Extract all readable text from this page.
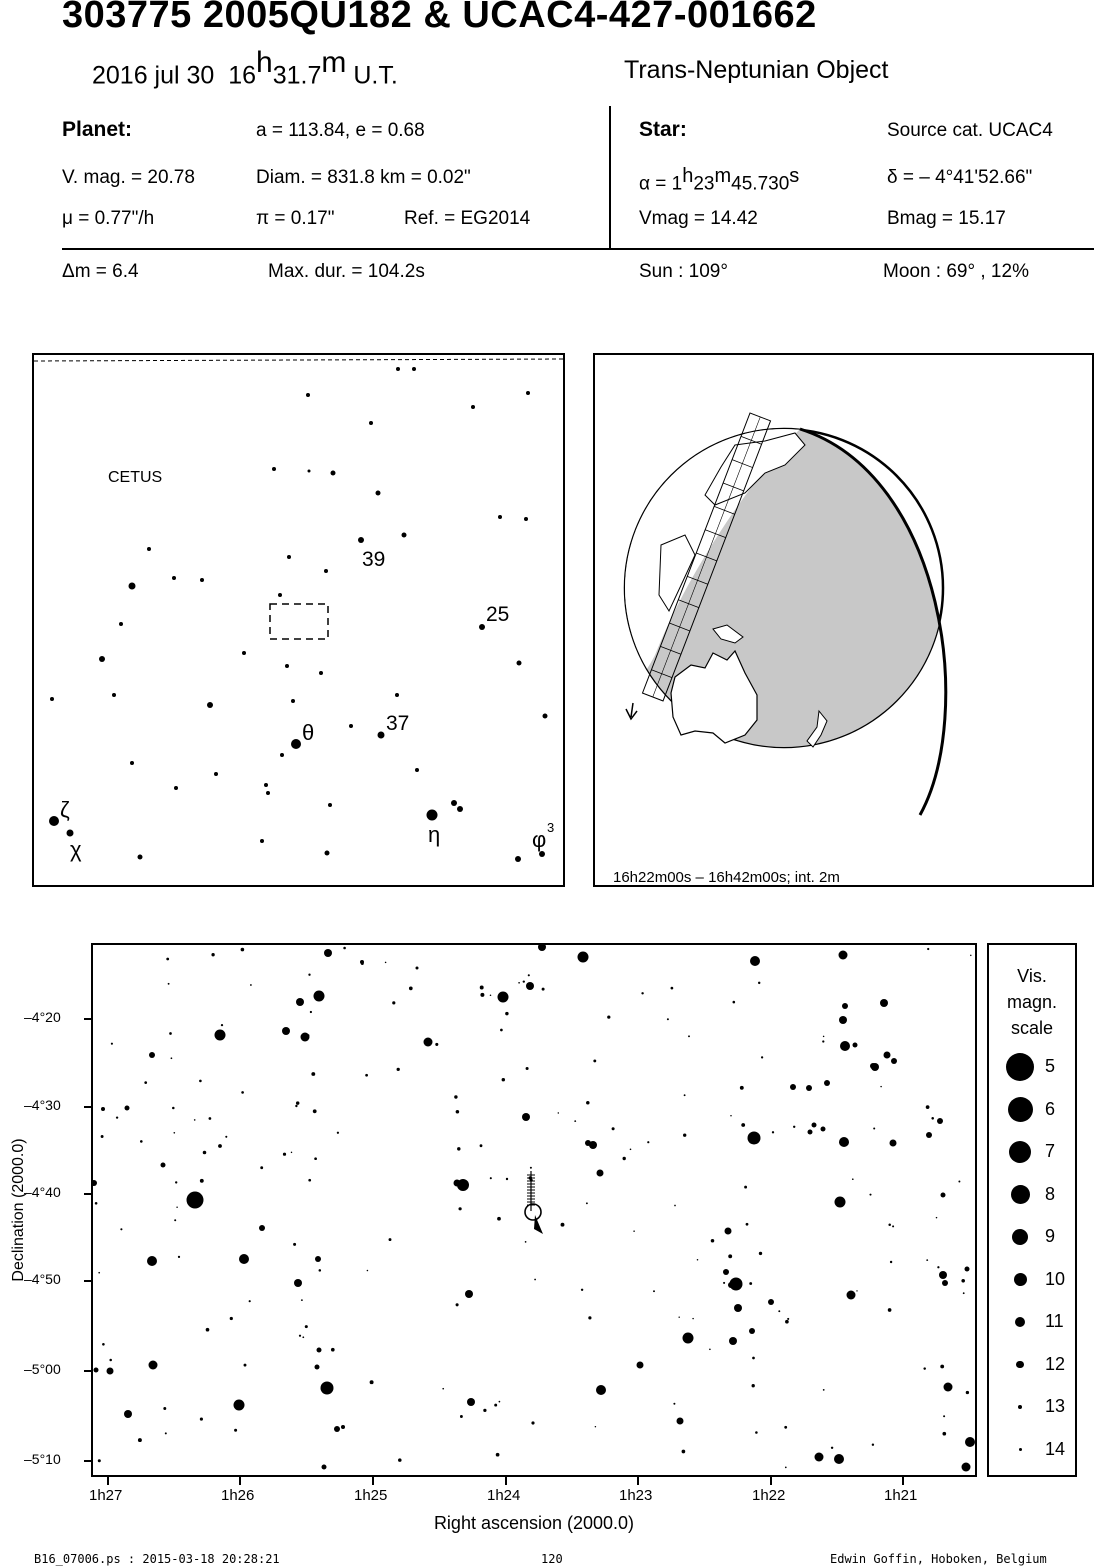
303775 2005QU182 & UCAC4-427-001662
2016 jul 30 16$^h$31.7$^m$ U.T.	Trans-Neptunian Object
Planet:	a = 113.84, e = 0.68
V. mag. = 20.78	Diam. = 831.8 km = 0.02"
μ = 0.77"/h	π = 0.17"	Ref. = EG2014
Star:	Source cat. UCAC4
$\alpha = 1^h23^m45.730^s$	δ = – 4°41'52.66"
Vmag = 14.42	Bmag = 15.17
Δm = 6.4	Max. dur. = 104.2s	Sun : 109°	Moon : 69° , 12%
CETUS
39
25
37
θ
ζ
χ
η	φ 3
16h22m00s – 16h42m00s; int. 2m
–4°20
–4°30
–4°40
–4°50
–5°00
–5°10
1h27	1h26	1h25	1h24	1h23	1h22	1h21
Declination (2000.0)
Right ascension (2000.0)
Vis.
magn.
scale
5
6
7
8
9
10
11
12
13
14
B16_07006.ps : 2015-03-18 20:28:21	120	Edwin Goffin, Hoboken, Belgium
